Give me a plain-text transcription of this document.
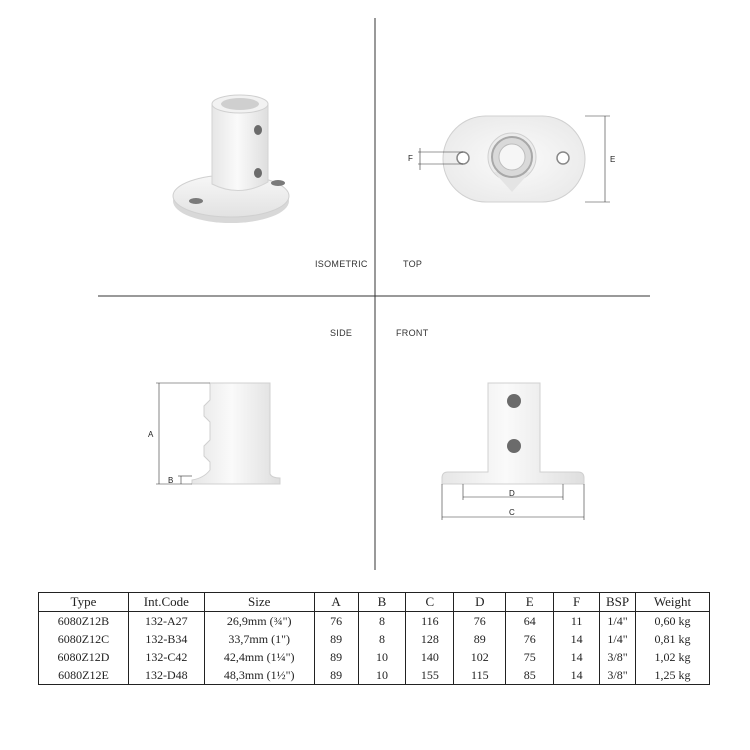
E
F
A
B
D
C
ISOMETRIC	TOP
SIDE	FRONT
Type	Int.Code	Size	A	B	C	D	E	F	BSP	Weight
6080Z12B	132-A27	26,9mm (¾")	76	8	116	76	64	11	1/4"	0,60 kg
6080Z12C	132-B34	33,7mm (1")	89	8	128	89	76	14	1/4"	0,81 kg
6080Z12D	132-C42	42,4mm (1¼")	89	10	140	102	75	14	3/8"	1,02 kg
6080Z12E	132-D48	48,3mm (1½")	89	10	155	115	85	14	3/8"	1,25 kg
